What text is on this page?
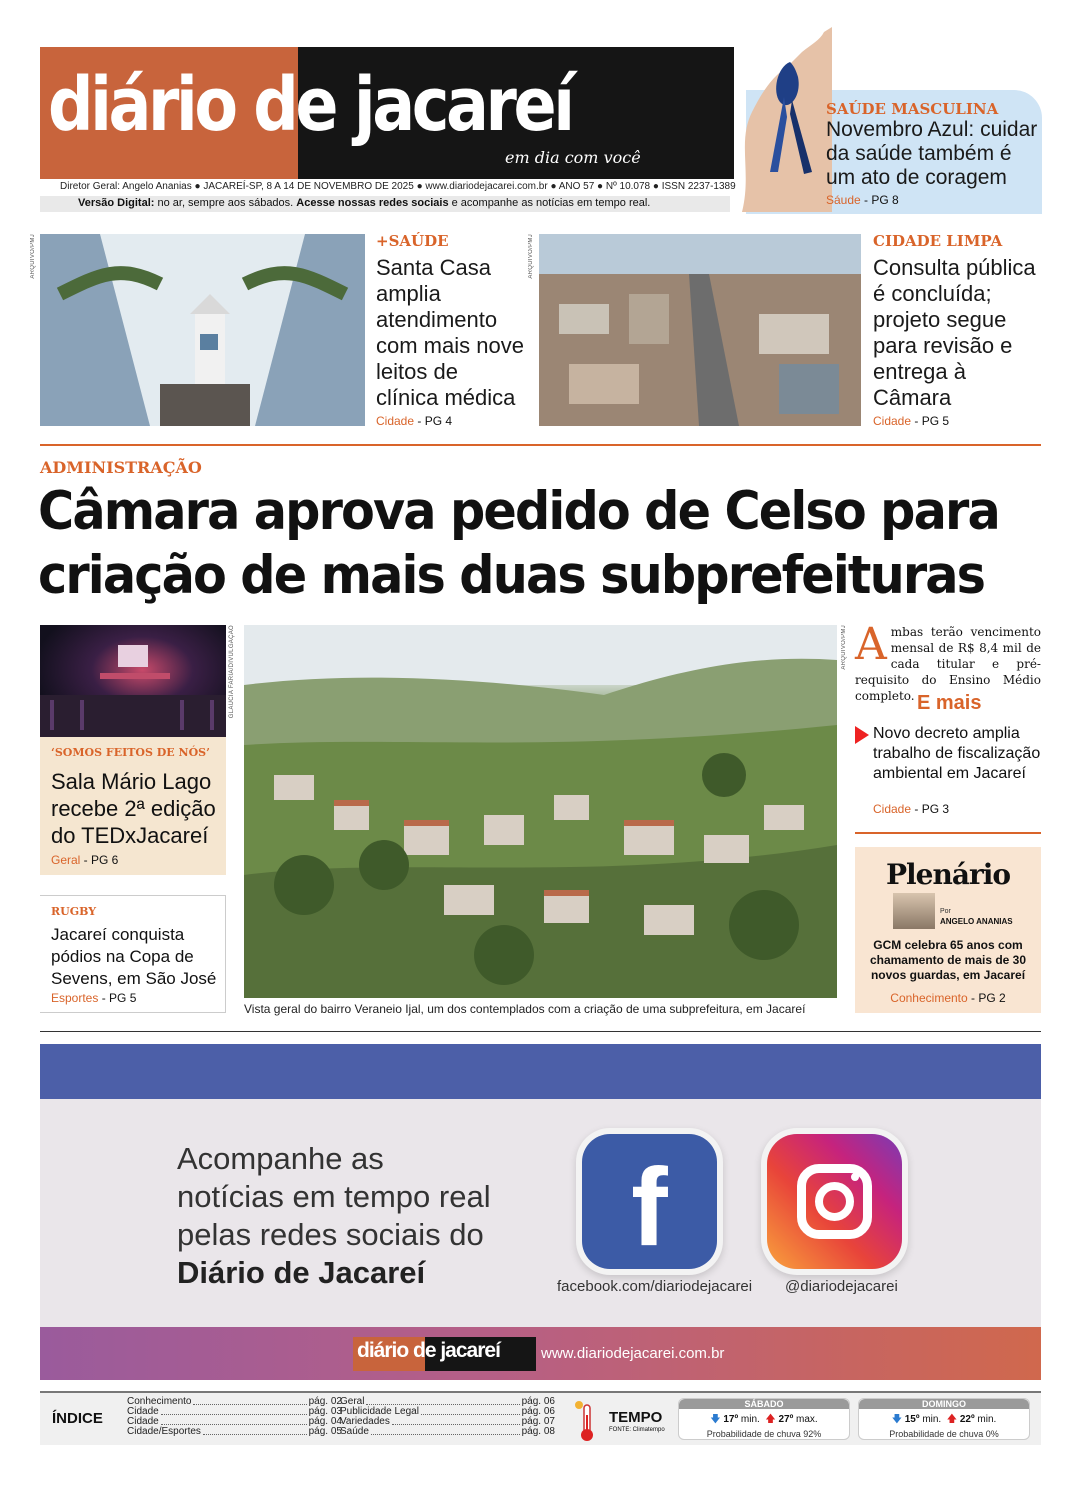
diário de jacareí
em dia com você
Diretor Geral: Angelo Ananias ● JACAREÍ-SP, 8 A 14 DE NOVEMBRO DE 2025 ● www.diariodejacarei.com.br ● ANO 57 ● Nº 10.078 ● ISSN 2237-1389
Versão Digital: no ar, sempre aos sábados. Acesse nossas redes sociais e acompanhe as notícias em tempo real.
SAÚDE MASCULINA
Novembro Azul: cuidar da saúde também é um ato de coragem
Sáude - PG 8
ARQUIVO/PMJ	+SAÚDE
Santa Casa amplia atendimento com mais nove leitos de clínica médica
Cidade - PG 4
ARQUIVO/PMJ	CIDADE LIMPA
Consulta pública é concluída; projeto segue para revisão e entrega à Câmara
Cidade - PG 5
ADMINISTRAÇÃO
Câmara aprova pedido de Celso para
criação de mais duas subprefeituras
GLAUCIA FARIA/DIVULGAÇÃO
‘SOMOS FEITOS DE NÓS’
Sala Mário Lago recebe 2ª edição do TEDxJacareí
Geral - PG 6
RUGBY
Jacareí conquista pódios na Copa de Sevens, em São José
Esportes - PG 5
ARQUIVO/PMJ
Vista geral do bairro Veraneio Ijal, um dos contemplados com a criação de uma subprefeitura, em Jacareí
Ambas terão vencimento mensal de R$ 8,4 mil de cada titular e pré-requisito do Ensino Médio completo. E mais
Novo decreto amplia trabalho de fiscalização ambiental em Jacareí
Cidade - PG 3
Plenário
Por
ANGELO ANANIAS
GCM celebra 65 anos com chamamento de mais de 30 novos guardas, em Jacareí
Conhecimento - PG 2
Acompanhe as
notícias em tempo real
pelas redes sociais do
Diário de Jacareí
f
facebook.com/diariodejacarei @diariodejacarei
diário de jacareí	www.diariodejacarei.com.br
ÍNDICE
Conhecimento	pág. 02
Cidade	pág. 03
Cidade	pág. 04
Cidade/Esportes	pág. 05
Geral	pág. 06
Publicidade Legal	pág. 06
Variedades	pág. 07
Saúde	pág. 08
TEMPO
FONTE: Climatempo
SÁBADO
🡇 17º min. 🡅 27º max.
Probabilidade de chuva 92%
DOMINGO
🡇 15º min. 🡅 22º min.
Probabilidade de chuva 0%
